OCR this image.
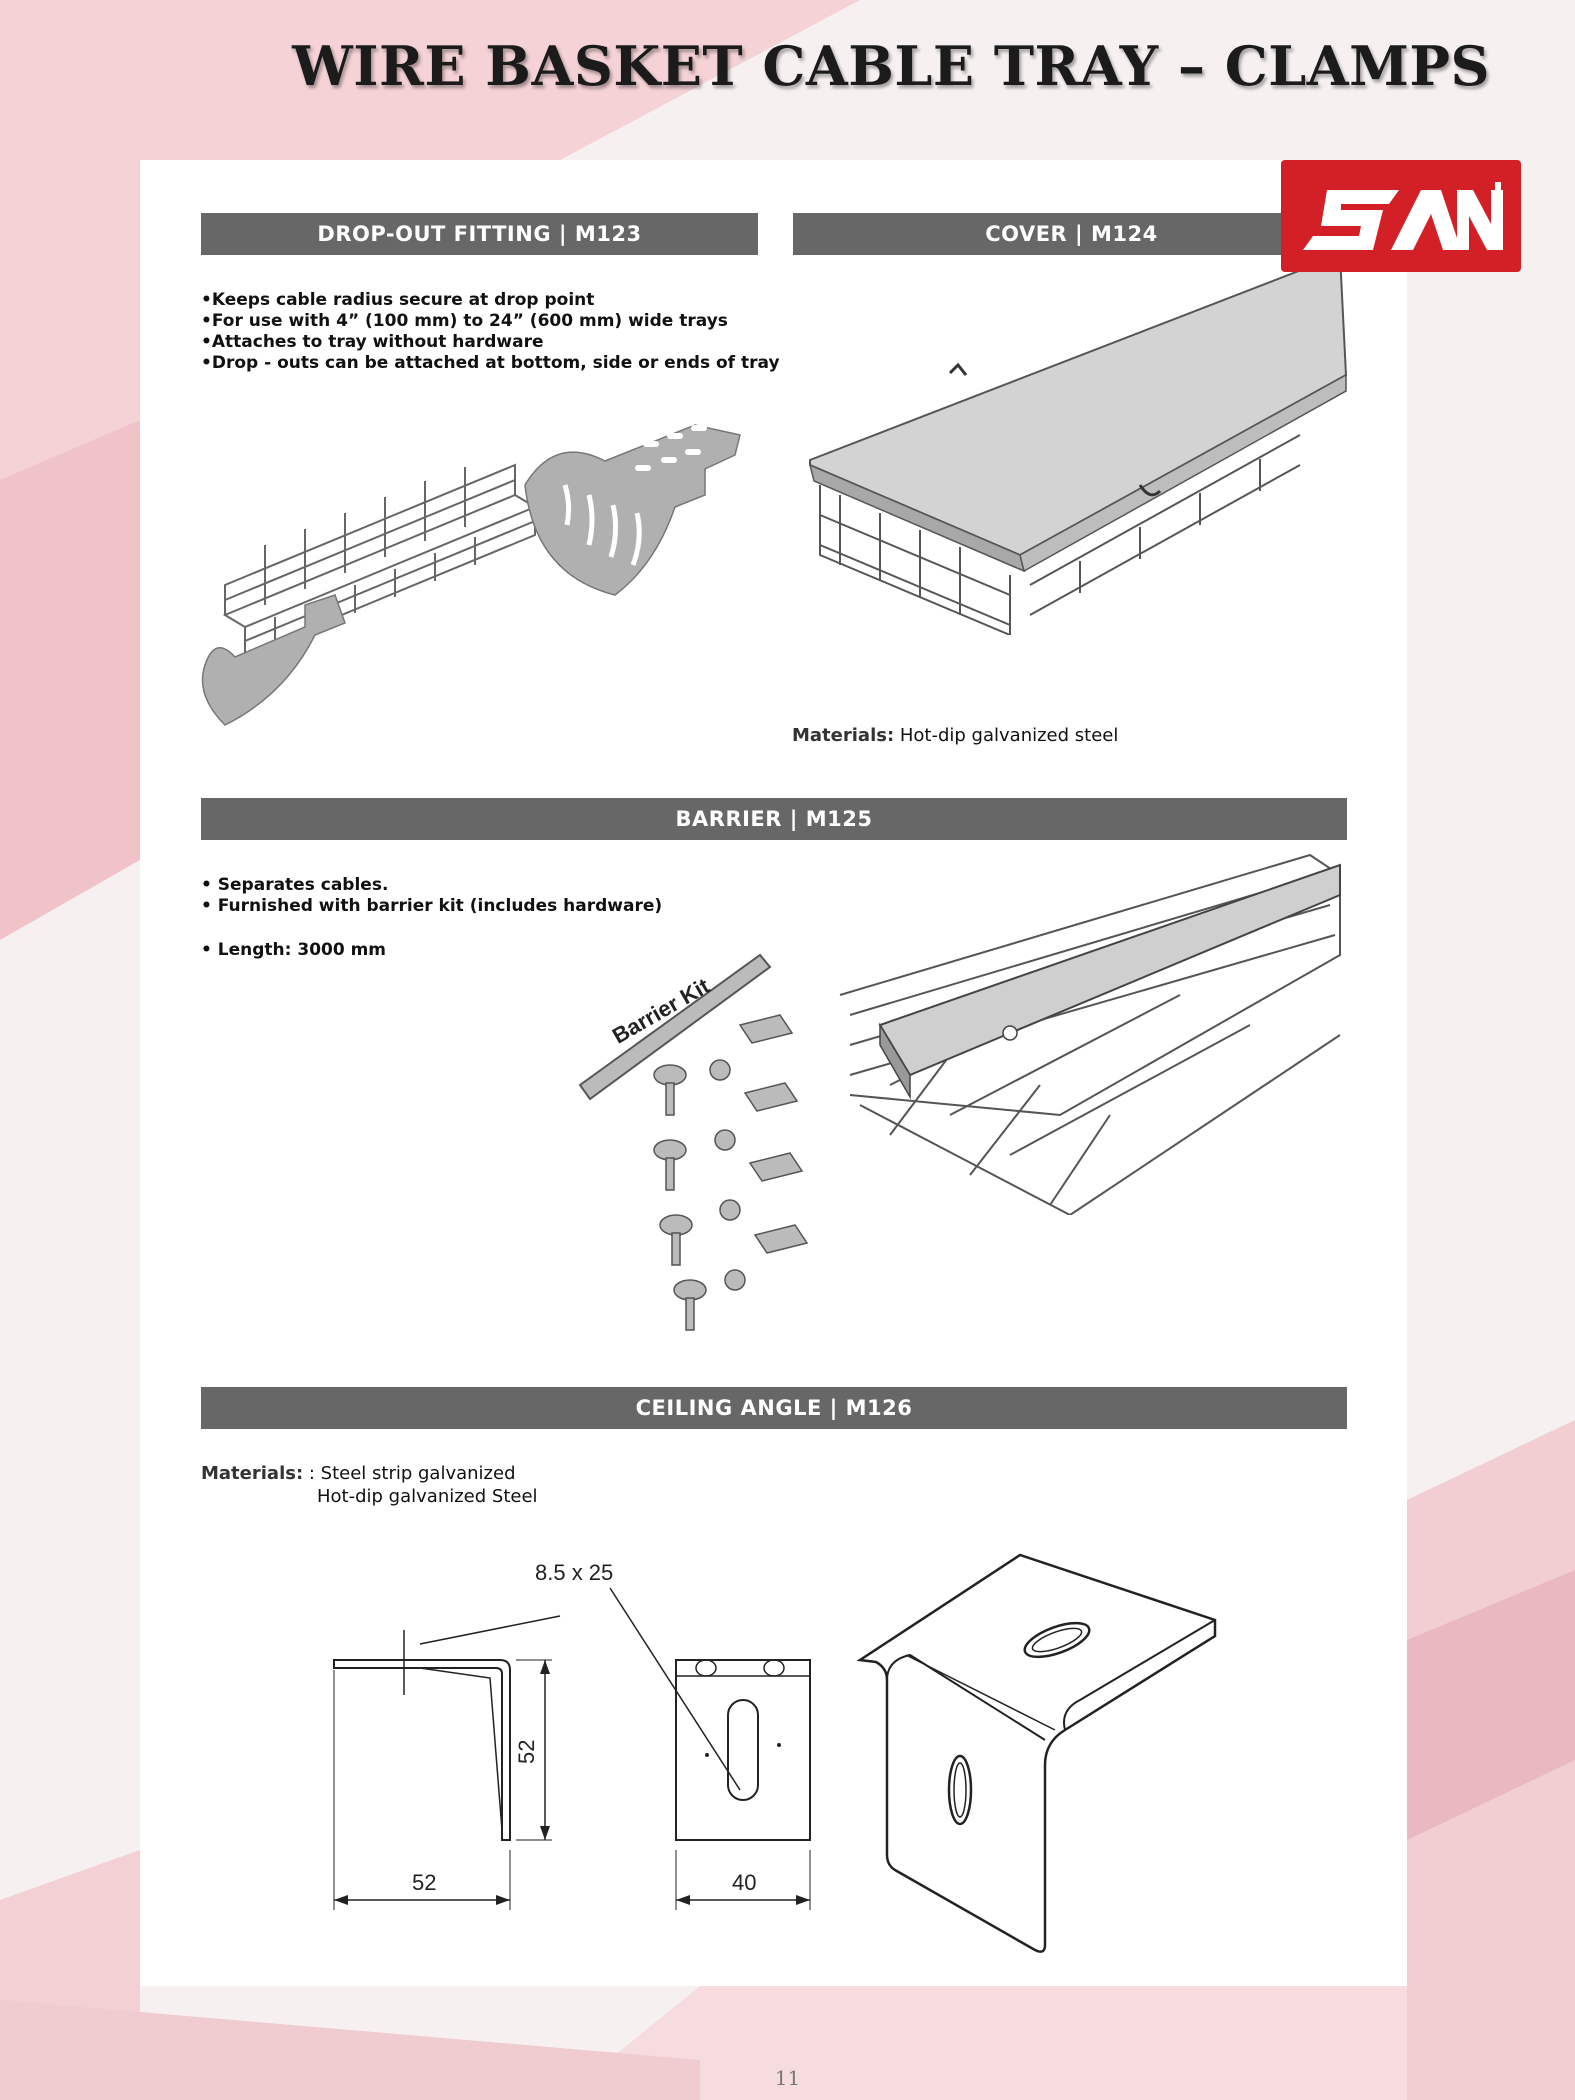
WIRE BASKET CABLE TRAY – CLAMPS
DROP-OUT FITTING | M123	COVER | M124
BARRIER | M125
CEILING ANGLE | M126
•Keeps cable radius secure at drop point
•For use with 4” (100 mm) to 24” (600 mm) wide trays
•Attaches to tray without hardware
•Drop - outs can be attached at bottom, side or ends of tray
Materials: Hot-dip galvanized steel
• Separates cables.
• Furnished with barrier kit (includes hardware)
• Length: 3000 mm
Barrier Kit
Materials: : Steel strip galvanized
Hot-dip galvanized Steel
52
52
8.5 x 25
40
11
